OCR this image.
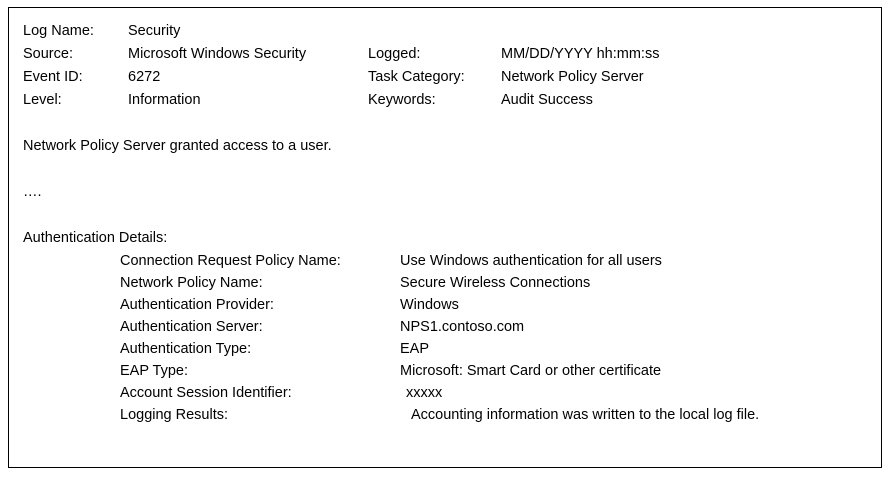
Log Name:	Security
Source:	Microsoft Windows Security	Logged:	MM/DD/YYYY hh:mm:ss
Event ID:	6272	Task Category:	Network Policy Server
Level:	Information	Keywords:	Audit Success
Network Policy Server granted access to a user.
….
Authentication Details:
Connection Request Policy Name:	Use Windows authentication for all users
Network Policy Name:	Secure Wireless Connections
Authentication Provider:	Windows
Authentication Server:	NPS1.contoso.com
Authentication Type:	EAP
EAP Type:	Microsoft: Smart Card or other certificate
Account Session Identifier:	xxxxx
Logging Results:	Accounting information was written to the local log file.
